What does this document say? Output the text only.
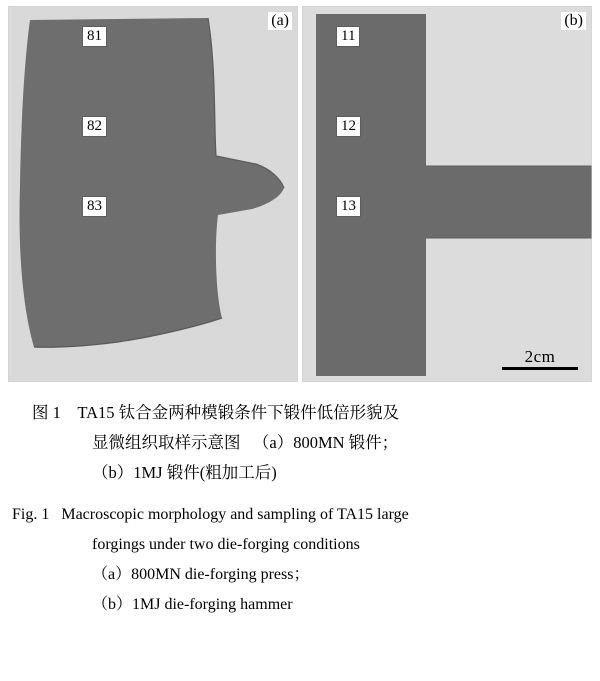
(a)
81
82
83
(b)
11
12
13
2cm
图 1    TA15 钛合金两种模锻条件下锻件低倍形貌及
显微组织取样示意图   （a）800MN 锻件；
（b）1MJ 锻件(粗加工后)
Fig. 1   Macroscopic morphology and sampling of TA15 large
forgings under two die-forging conditions
（a）800MN die-forging press；
（b）1MJ die-forging hammer
